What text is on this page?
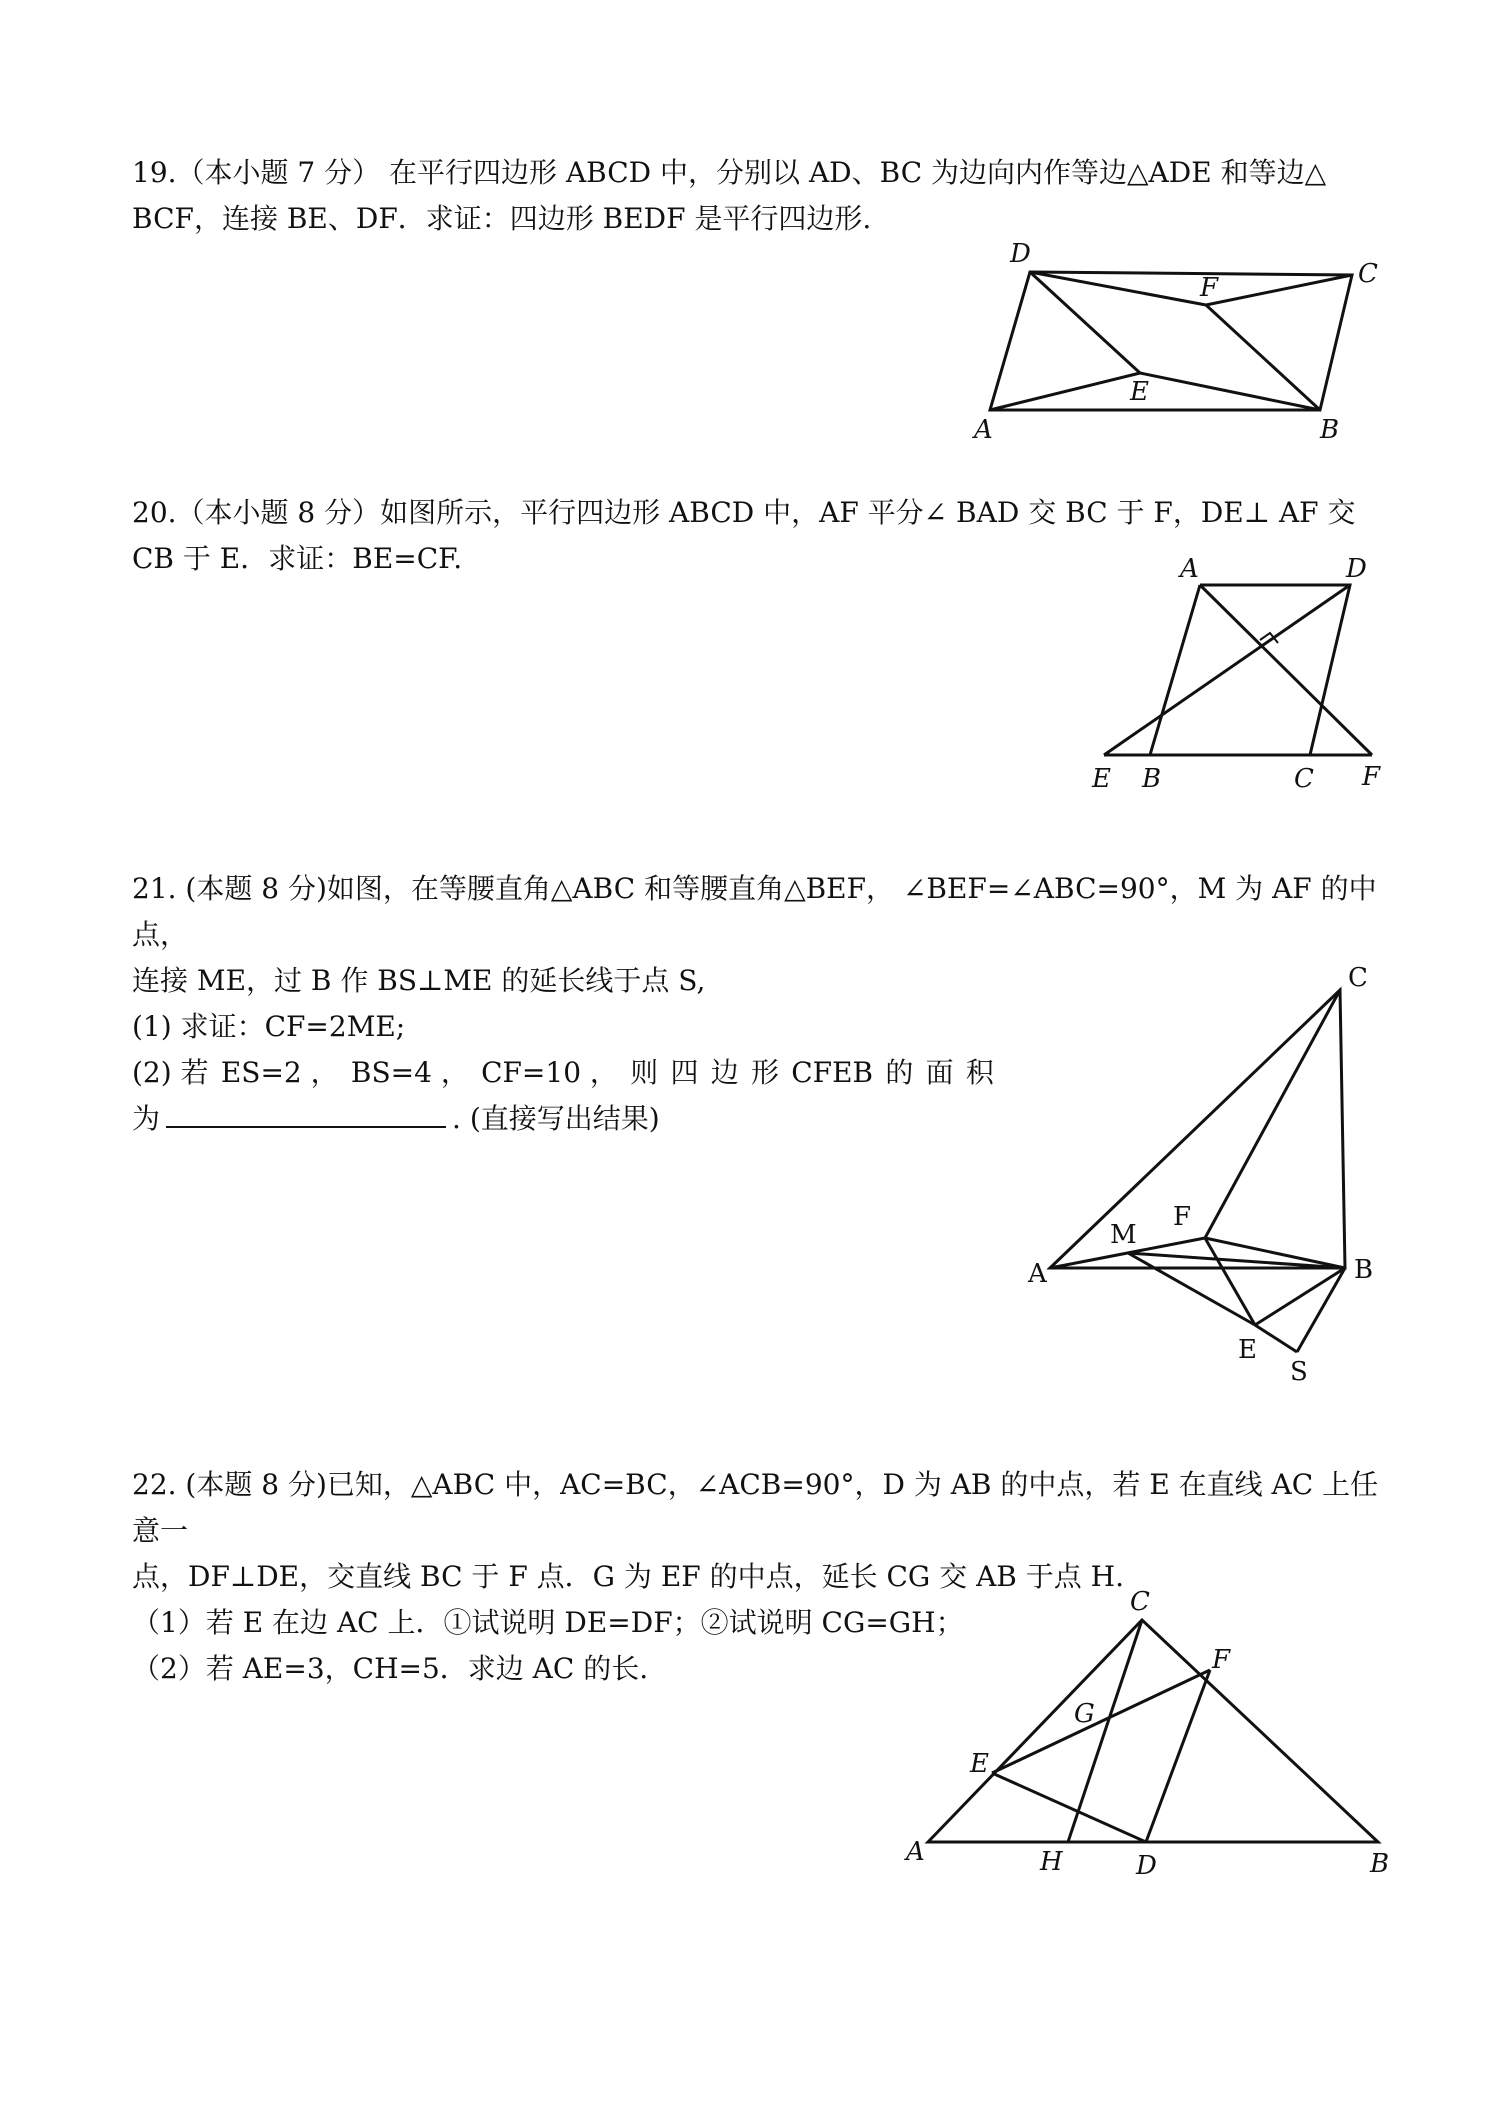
19.（本小题 7 分） 在平行四边形 ABCD 中，分别以 AD、BC 为边向内作等边△ADE 和等边△

BCF，连接 BE、DF．求证：四边形 BEDF 是平行四边形.

D
C
F
E
A	B

20.（本小题 8 分）如图所示，平行四边形 ABCD 中，AF 平分∠ BAD 交 BC 于 F，DE⊥ AF 交

CB 于 E．求证：BE=CF.	A	D
E B	C F

21. (本题 8 分)如图，在等腰直角△ABC 和等腰直角△BEF， ∠BEF=∠ABC=90°，M 为 AF 的中点，

连接 ME，过 B 作 BS⊥ME 的延长线于点 S,

(1) 求证：CF=2ME;

(2) 若 ES=2 ， BS=4 ， CF=10 ， 则 四 边 形 CFEB 的 面 积

为	. (直接写出结果)

C
A	B
M
F
E
S

22. (本题 8 分)已知，△ABC 中，AC=BC，∠ACB=90°，D 为 AB 的中点，若 E 在直线 AC 上任意一

点，DF⊥DE，交直线 BC 于 F 点．G 为 EF 的中点，延长 CG 交 AB 于点 H.

（1）若 E 在边 AC 上．①试说明 DE=DF；②试说明 CG=GH；

（2）若 AE=3，CH=5．求边 AC 的长.

C
F
G
E
A	H	D	B
